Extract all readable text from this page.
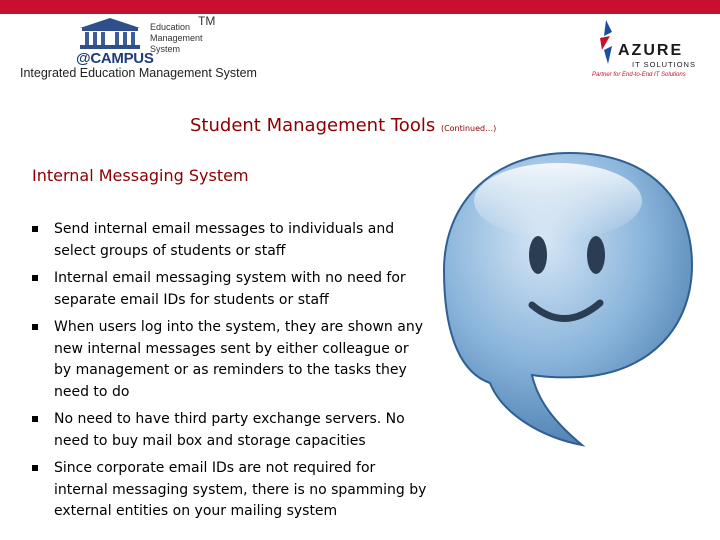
@CAMPUS
Education
Management
System
TM
Integrated Education Management System
AZURE
IT SOLUTIONS
Partner for End-to-End IT Solutions
Student Management Tools (Continued…)
Internal Messaging System
Send internal email messages to individuals and select groups of students or staff
Internal email messaging system with no need for separate email IDs for students or staff
When users log into the system, they are shown any new internal messages sent by either colleague or by management or as reminders to the tasks they need to do
No need to have third party exchange servers. No need to buy mail box and storage capacities
Since corporate email IDs are not required for internal messaging system, there is no spamming by external entities on your mailing system
